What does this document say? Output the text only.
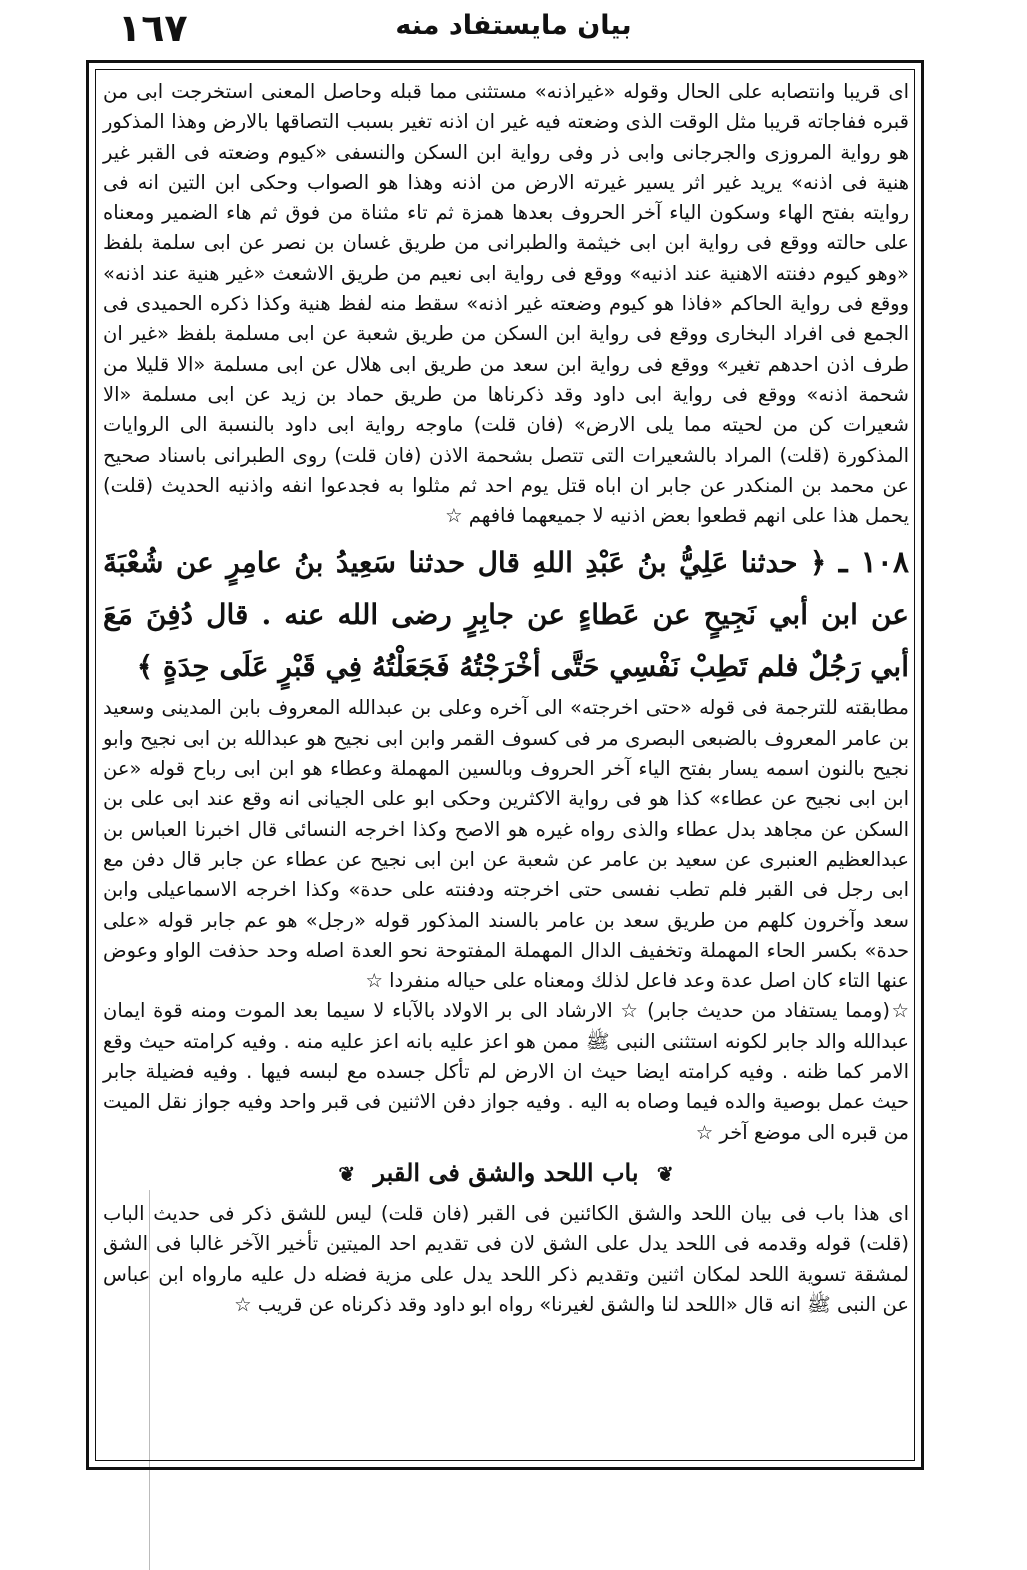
١٦٧	بيان مايستفاد منه

اى قريبا وانتصابه على الحال وقوله «غيراذنه» مستثنى مما قبله وحاصل المعنى استخرجت ابى من قبره ففاجاته قريبا مثل الوقت الذى وضعته فيه غير ان اذنه تغير بسبب التصاقها بالارض وهذا المذكور هو رواية المروزى والجرجانى وابى ذر وفى رواية ابن السكن والنسفى «كيوم وضعته فى القبر غير هنية فى اذنه» يريد غير اثر يسير غيرته الارض من اذنه وهذا هو الصواب وحكى ابن التين انه فى روايته بفتح الهاء وسكون الياء آخر الحروف بعدها همزة ثم تاء مثناة من فوق ثم هاء الضمير ومعناه على حالته ووقع فى رواية ابن ابى خيثمة والطبرانى من طريق غسان بن نصر عن ابى سلمة بلفظ «وهو كيوم دفنته الاهنية عند اذنيه» ووقع فى رواية ابى نعيم من طريق الاشعث «غير هنية عند اذنه» ووقع فى رواية الحاكم «فاذا هو كيوم وضعته غير اذنه» سقط منه لفظ هنية وكذا ذكره الحميدى فى الجمع فى افراد البخارى ووقع فى رواية ابن السكن من طريق شعبة عن ابى مسلمة بلفظ «غير ان طرف اذن احدهم تغير» ووقع فى رواية ابن سعد من طريق ابى هلال عن ابى مسلمة «الا قليلا من شحمة اذنه» ووقع فى رواية ابى داود وقد ذكرناها من طريق حماد بن زيد عن ابى مسلمة «الا شعيرات كن من لحيته مما يلى الارض» (فان قلت) ماوجه رواية ابى داود بالنسبة الى الروايات المذكورة (قلت) المراد بالشعيرات التى تتصل بشحمة الاذن (فان قلت) روى الطبرانى باسناد صحيح عن محمد بن المنكدر عن جابر ان اباه قتل يوم احد ثم مثلوا به فجدعوا انفه واذنيه الحديث (قلت) يحمل هذا على انهم قطعوا بعض اذنيه لا جميعهما فافهم ☆

١٠٨ ـ ﴿ حدثنا عَلِيُّ بنُ عَبْدِ اللهِ قال حدثنا سَعِيدُ بنُ عامِرٍ عن شُعْبَةَ عن ابن أبي نَجِيحٍ عن عَطاءٍ عن جابِرٍ رضى الله عنه . قال دُفِنَ مَعَ أبي رَجُلٌ فلم تَطِبْ نَفْسِي حَتَّى أخْرَجْتُهُ فَجَعَلْتُهُ فِي قَبْرٍ عَلَى حِدَةٍ ﴾

مطابقته للترجمة فى قوله «حتى اخرجته» الى آخره وعلى بن عبدالله المعروف بابن المدينى وسعيد بن عامر المعروف بالضبعى البصرى مر فى كسوف القمر وابن ابى نجيح هو عبدالله بن ابى نجيح وابو نجيح بالنون اسمه يسار بفتح الياء آخر الحروف وبالسين المهملة وعطاء هو ابن ابى رباح قوله «عن ابن ابى نجيح عن عطاء» كذا هو فى رواية الاكثرين وحكى ابو على الجيانى انه وقع عند ابى على بن السكن عن مجاهد بدل عطاء والذى رواه غيره هو الاصح وكذا اخرجه النسائى قال اخبرنا العباس بن عبدالعظيم العنبرى عن سعيد بن عامر عن شعبة عن ابن ابى نجيح عن عطاء عن جابر قال دفن مع ابى رجل فى القبر فلم تطب نفسى حتى اخرجته ودفنته على حدة» وكذا اخرجه الاسماعيلى وابن سعد وآخرون كلهم من طريق سعد بن عامر بالسند المذكور قوله «رجل» هو عم جابر قوله «على حدة» بكسر الحاء المهملة وتخفيف الدال المهملة المفتوحة نحو العدة اصله وحد حذفت الواو وعوض عنها التاء كان اصل عدة وعد فاعل لذلك ومعناه على حياله منفردا ☆

☆(ومما يستفاد من حديث جابر) ☆ الارشاد الى بر الاولاد بالآباء لا سيما بعد الموت ومنه قوة ايمان عبدالله والد جابر لكونه استثنى النبى ﷺ ممن هو اعز عليه بانه اعز عليه منه . وفيه كرامته حيث وقع الامر كما ظنه . وفيه كرامته ايضا حيث ان الارض لم تأكل جسده مع لبسه فيها . وفيه فضيلة جابر حيث عمل بوصية والده فيما وصاه به اليه . وفيه جواز دفن الاثنين فى قبر واحد وفيه جواز نقل الميت من قبره الى موضع آخر ☆

❦ باب اللحد والشق فى القبر ❦

اى هذا باب فى بيان اللحد والشق الكائنين فى القبر (فان قلت) ليس للشق ذكر فى حديث الباب (قلت) قوله وقدمه فى اللحد يدل على الشق لان فى تقديم احد الميتين تأخير الآخر غالبا فى الشق لمشقة تسوية اللحد لمكان اثنين وتقديم ذكر اللحد يدل على مزية فضله دل عليه مارواه ابن عباس عن النبى ﷺ انه قال «اللحد لنا والشق لغيرنا» رواه ابو داود وقد ذكرناه عن قريب ☆
